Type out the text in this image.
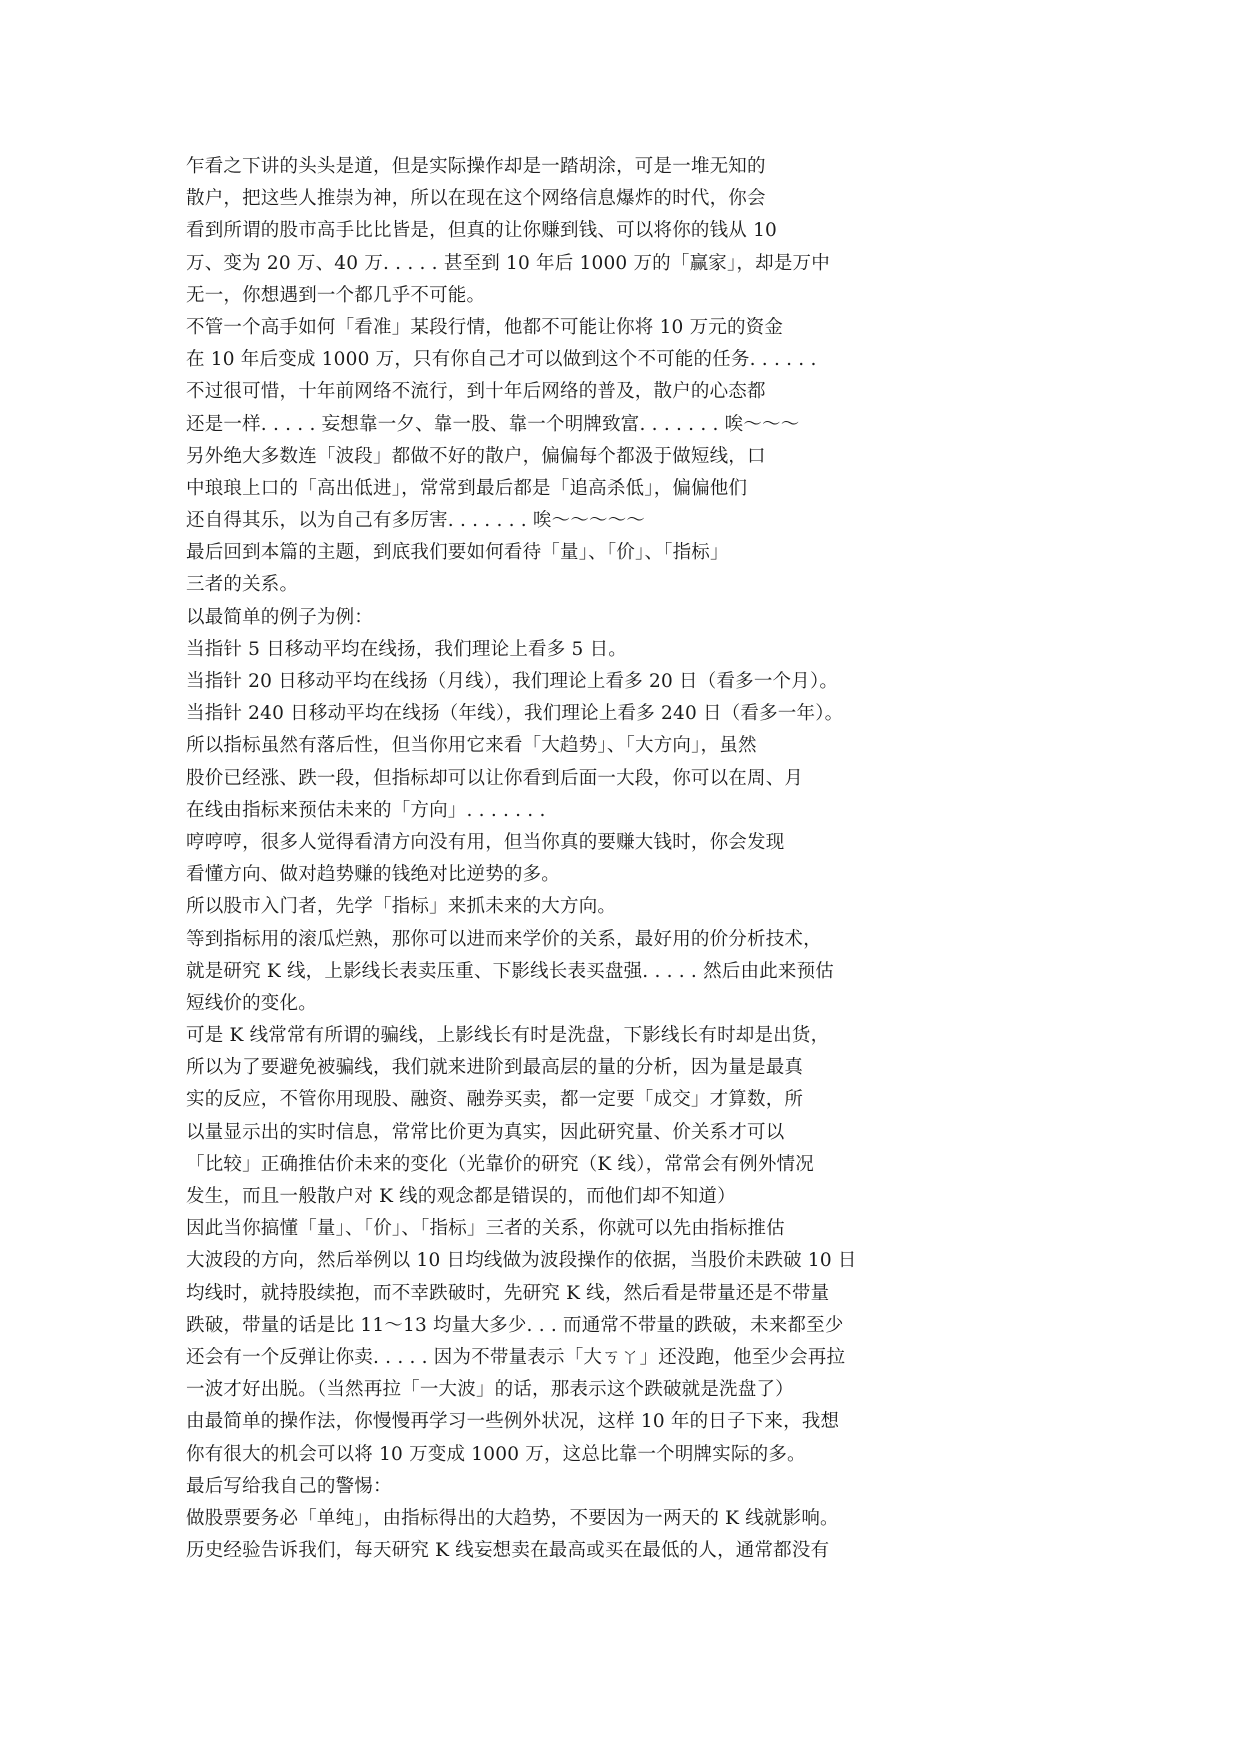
乍看之下讲的头头是道，但是实际操作却是一踏胡涂，可是一堆无知的
散户，把这些人推崇为神，所以在现在这个网络信息爆炸的时代，你会
看到所谓的股市高手比比皆是，但真的让你赚到钱、可以将你的钱从 10
万、变为 20 万、40 万. . . . . 甚至到 10 年后 1000 万的「赢家」，却是万中
无一，你想遇到一个都几乎不可能。
不管一个高手如何「看准」某段行情，他都不可能让你将 10 万元的资金
在 10 年后变成 1000 万，只有你自己才可以做到这个不可能的任务. . . . . .
不过很可惜，十年前网络不流行，到十年后网络的普及，散户的心态都
还是一样. . . . . 妄想靠一夕、靠一股、靠一个明牌致富. . . . . . . 唉～～～
另外绝大多数连「波段」都做不好的散户，偏偏每个都汲于做短线，口
中琅琅上口的「高出低进」，常常到最后都是「追高杀低」，偏偏他们
还自得其乐，以为自己有多厉害. . . . . . . 唉～～～～～
最后回到本篇的主题，到底我们要如何看待「量」、「价」、「指标」
三者的关系。
以最简单的例子为例：
当指针 5 日移动平均在线扬，我们理论上看多 5 日。
当指针 20 日移动平均在线扬（月线），我们理论上看多 20 日（看多一个月）。
当指针 240 日移动平均在线扬（年线），我们理论上看多 240 日（看多一年）。
所以指标虽然有落后性，但当你用它来看「大趋势」、「大方向」，虽然
股价已经涨、跌一段，但指标却可以让你看到后面一大段，你可以在周、月
在线由指标来预估未来的「方向」. . . . . . .
哼哼哼，很多人觉得看清方向没有用，但当你真的要赚大钱时，你会发现
看懂方向、做对趋势赚的钱绝对比逆势的多。
所以股市入门者，先学「指标」来抓未来的大方向。
等到指标用的滚瓜烂熟，那你可以进而来学价的关系，最好用的价分析技术，
就是研究 K 线，上影线长表卖压重、下影线长表买盘强. . . . . 然后由此来预估
短线价的变化。
可是 K 线常常有所谓的骗线，上影线长有时是洗盘，下影线长有时却是出货，
所以为了要避免被骗线，我们就来进阶到最高层的量的分析，因为量是最真
实的反应，不管你用现股、融资、融券买卖，都一定要「成交」才算数，所
以量显示出的实时信息，常常比价更为真实，因此研究量、价关系才可以
「比较」正确推估价未来的变化（光靠价的研究（K 线），常常会有例外情况
发生，而且一般散户对 K 线的观念都是错误的，而他们却不知道）
因此当你搞懂「量」、「价」、「指标」三者的关系，你就可以先由指标推估
大波段的方向，然后举例以 10 日均线做为波段操作的依据，当股价未跌破 10 日
均线时，就持股续抱，而不幸跌破时，先研究 K 线，然后看是带量还是不带量
跌破，带量的话是比 11～13 均量大多少. . . 而通常不带量的跌破，未来都至少
还会有一个反弹让你卖. . . . . 因为不带量表示「大ㄎㄚ」还没跑，他至少会再拉
一波才好出脱。（当然再拉「一大波」的话，那表示这个跌破就是洗盘了）
由最简单的操作法，你慢慢再学习一些例外状况，这样 10 年的日子下来，我想
你有很大的机会可以将 10 万变成 1000 万，这总比靠一个明牌实际的多。
最后写给我自己的警惕：
做股票要务必「单纯」，由指标得出的大趋势，不要因为一两天的 K 线就影响。
历史经验告诉我们，每天研究 K 线妄想卖在最高或买在最低的人，通常都没有
